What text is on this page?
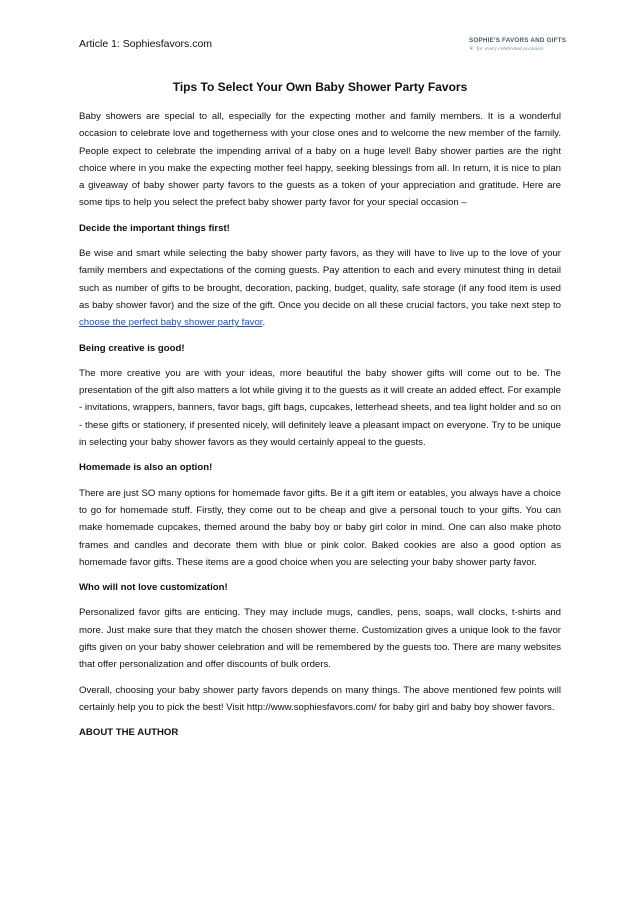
Article 1: Sophiesfavors.com	SOPHIE'S FAVORS AND GIFTS
❦ for every celebrated occasion
Tips To Select Your Own Baby Shower Party Favors

Baby showers are special to all, especially for the expecting mother and family members. It is a wonderful occasion to celebrate love and togetherness with your close ones and to welcome the new member of the family. People expect to celebrate the impending arrival of a baby on a huge level! Baby shower parties are the right choice where in you make the expecting mother feel happy, seeking blessings from all. In return, it is nice to plan a giveaway of baby shower party favors to the guests as a token of your appreciation and gratitude. Here are some tips to help you select the prefect baby shower party favor for your special occasion –

Decide the important things first!

Be wise and smart while selecting the baby shower party favors, as they will have to live up to the love of your family members and expectations of the coming guests. Pay attention to each and every minutest thing in detail such as number of gifts to be brought, decoration, packing, budget, quality, safe storage (if any food item is used as baby shower favor) and the size of the gift. Once you decide on all these crucial factors, you take next step to choose the perfect baby shower party favor.

Being creative is good!

The more creative you are with your ideas, more beautiful the baby shower gifts will come out to be. The presentation of the gift also matters a lot while giving it to the guests as it will create an added effect. For example - invitations, wrappers, banners, favor bags, gift bags, cupcakes, letterhead sheets, and tea light holder and so on - these gifts or stationery, if presented nicely, will definitely leave a pleasant impact on everyone. Try to be unique in selecting your baby shower favors as they would certainly appeal to the guests.

Homemade is also an option!

There are just SO many options for homemade favor gifts. Be it a gift item or eatables, you always have a choice to go for homemade stuff. Firstly, they come out to be cheap and give a personal touch to your gifts. You can make homemade cupcakes, themed around the baby boy or baby girl color in mind. One can also make photo frames and candles and decorate them with blue or pink color. Baked cookies are also a good option as homemade favor gifts. These items are a good choice when you are selecting your baby shower party favor.

Who will not love customization!

Personalized favor gifts are enticing. They may include mugs, candles, pens, soaps, wall clocks, t-shirts and more. Just make sure that they match the chosen shower theme. Customization gives a unique look to the favor gifts given on your baby shower celebration and will be remembered by the guests too. There are many websites that offer personalization and offer discounts of bulk orders.

Overall, choosing your baby shower party favors depends on many things. The above mentioned few points will certainly help you to pick the best! Visit http://www.sophiesfavors.com/ for baby girl and baby boy shower favors.

ABOUT THE AUTHOR
